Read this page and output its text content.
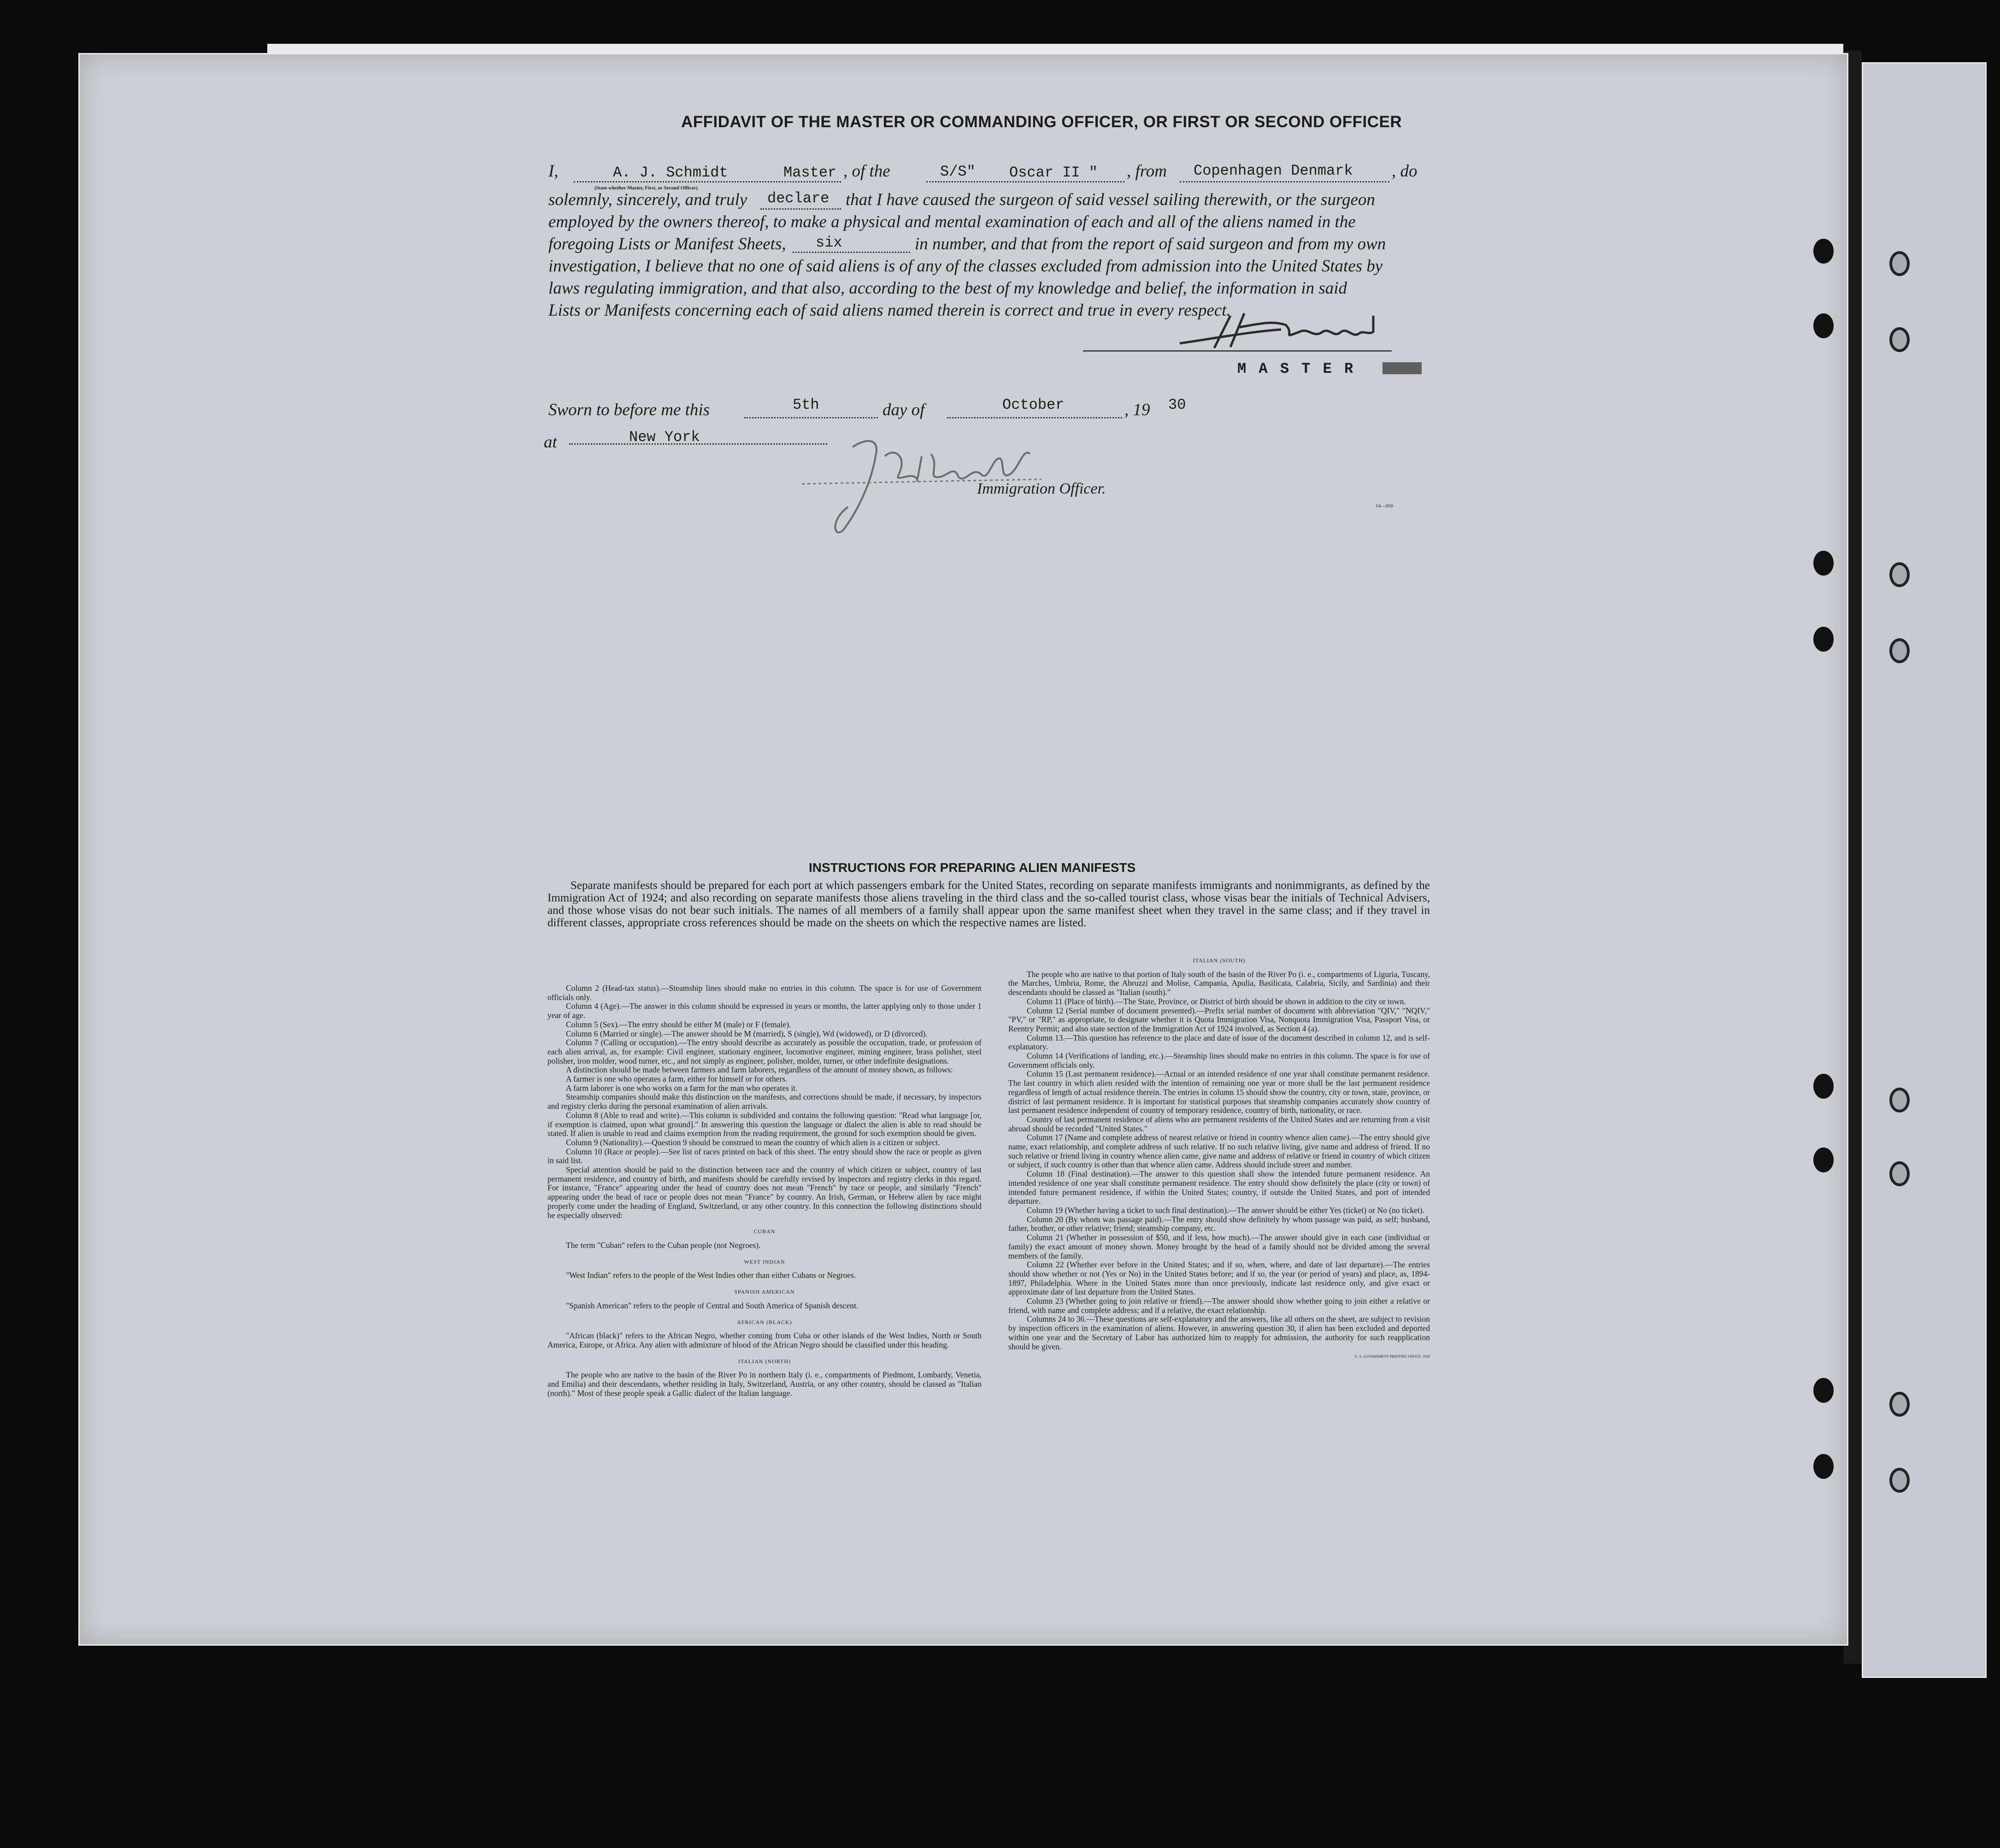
AFFIDAVIT OF THE MASTER OR COMMANDING OFFICER, OR FIRST OR SECOND OFFICER
I,	A. J. Schmidt	Master
(State whether Master, First, or Second Officer)
, of the	S/S" Oscar II " , from Copenhagen Denmark , do
solemnly, sincerely, and truly declare that I have caused the surgeon of said vessel sailing therewith, or the surgeon
employed by the owners thereof, to make a physical and mental examination of each and all of the aliens named in the
foregoing Lists or Manifest Sheets, six	in number, and that from the report of said surgeon and from my own
investigation, I believe that no one of said aliens is of any of the classes excluded from admission into the United States by
laws regulating immigration, and that also, according to the best of my knowledge and belief, the information in said
Lists or Manifests concerning each of said aliens named therein is correct and true in every respect.
M A S T E R
Sworn to before me this	5th	day of	October	, 19 30
at	New York
Immigration Officer.
14—650
INSTRUCTIONS FOR PREPARING ALIEN MANIFESTS
Separate manifests should be prepared for each port at which passengers embark for the United States, recording on separate manifests immigrants and nonimmigrants, as defined by the Immigration Act of 1924; and also recording on separate manifests those aliens traveling in the third class and the so-called tourist class, whose visas bear the initials of Technical Advisers, and those whose visas do not bear such initials. The names of all members of a family shall appear upon the same manifest sheet when they travel in the same class; and if they travel in different classes, appropriate cross references should be made on the sheets on which the respective names are listed.

Column 2 (Head-tax status).—Steamship lines should make no entries in this column. The space is for use of Government officials only.

Column 4 (Age).—The answer in this column should be expressed in years or months, the latter applying only to those under 1 year of age.

Column 5 (Sex).—The entry should be either M (male) or F (female).

Column 6 (Married or single).—The answer should be M (married), S (single), Wd (widowed), or D (divorced).

Column 7 (Calling or occupation).—The entry should describe as accurately as possible the occupation, trade, or profession of each alien arrival, as, for example: Civil engineer, stationary engineer, locomotive engineer, mining engineer, brass polisher, steel polisher, iron molder, wood turner, etc., and not simply as engineer, polisher, molder, turner, or other indefinite designations.

A distinction should be made between farmers and farm laborers, regardless of the amount of money shown, as follows:

A farmer is one who operates a farm, either for himself or for others.

A farm laborer is one who works on a farm for the man who operates it.

Steamship companies should make this distinction on the manifests, and corrections should be made, if necessary, by inspectors and registry clerks during the personal examination of alien arrivals.

Column 8 (Able to read and write).—This column is subdivided and contains the following question: "Read what language [or, if exemption is claimed, upon what ground]." In answering this question the language or dialect the alien is able to read should be stated. If alien is unable to read and claims exemption from the reading requirement, the ground for such exemption should be given.

Column 9 (Nationality).—Question 9 should be construed to mean the country of which alien is a citizen or subject.

Column 10 (Race or people).—See list of races printed on back of this sheet. The entry should show the race or people as given in said list.

Special attention should be paid to the distinction between race and the country of which citizen or subject, country of last permanent residence, and country of birth, and manifests should be carefully revised by inspectors and registry clerks in this regard. For instance, "France" appearing under the head of country does not mean "French" by race or people, and similarly "French" appearing under the head of race or people does not mean "France" by country. An Irish, German, or Hebrew alien by race might properly come under the heading of England, Switzerland, or any other country. In this connection the following distinctions should be especially observed:

CUBAN

The term "Cuban" refers to the Cuban people (not Negroes).

WEST INDIAN

"West Indian" refers to the people of the West Indies other than either Cubans or Negroes.

SPANISH AMERICAN

"Spanish American" refers to the people of Central and South America of Spanish descent.

AFRICAN (BLACK)

"African (black)" refers to the African Negro, whether coming from Cuba or other islands of the West Indies, North or South America, Europe, or Africa. Any alien with admixture of blood of the African Negro should be classified under this heading.

ITALIAN (NORTH)

The people who are native to the basin of the River Po in northern Italy (i. e., compartments of Piedmont, Lombardy, Venetia, and Emilia) and their descendants, whether residing in Italy, Switzerland, Austria, or any other country, should be classed as "Italian (north)." Most of these people speak a Gallic dialect of the Italian language.

ITALIAN (SOUTH)

The people who are native to that portion of Italy south of the basin of the River Po (i. e., compartments of Liguria, Tuscany, the Marches, Umbria, Rome, the Abruzzi and Molise, Campania, Apulia, Basilicata, Calabria, Sicily, and Sardinia) and their descendants should be classed as "Italian (south)."

Column 11 (Place of birth).—The State, Province, or District of birth should be shown in addition to the city or town.

Column 12 (Serial number of document presented).—Prefix serial number of document with abbreviation "QIV," "NQIV," "PV," or "RP," as appropriate, to designate whether it is Quota Immigration Visa, Nonquota Immigration Visa, Passport Visa, or Reentry Permit; and also state section of the Immigration Act of 1924 involved, as Section 4 (a).

Column 13.—This question has reference to the place and date of issue of the document described in column 12, and is self-explanatory.

Column 14 (Verifications of landing, etc.).—Steamship lines should make no entries in this column. The space is for use of Government officials only.

Column 15 (Last permanent residence).—Actual or an intended residence of one year shall constitute permanent residence. The last country in which alien resided with the intention of remaining one year or more shall be the last permanent residence regardless of length of actual residence therein. The entries in column 15 should show the country, city or town, state, province, or district of last permanent residence. It is important for statistical purposes that steamship companies accurately show country of last permanent residence independent of country of temporary residence, country of birth, nationality, or race.

Country of last permanent residence of aliens who are permanent residents of the United States and are returning from a visit abroad should be recorded "United States."

Column 17 (Name and complete address of nearest relative or friend in country whence alien came).—The entry should give name, exact relationship, and complete address of such relative. If no such relative living, give name and address of friend. If no such relative or friend living in country whence alien came, give name and address of relative or friend in country of which citizen or subject, if such country is other than that whence alien came. Address should include street and number.

Column 18 (Final destination).—The answer to this question shall show the intended future permanent residence. An intended residence of one year shall constitute permanent residence. The entry should show definitely the place (city or town) of intended future permanent residence, if within the United States; country, if outside the United States, and port of intended departure.

Column 19 (Whether having a ticket to such final destination).—The answer should be either Yes (ticket) or No (no ticket).

Column 20 (By whom was passage paid).—The entry should show definitely by whom passage was paid, as self; husband, father, brother, or other relative; friend; steamship company, etc.

Column 21 (Whether in possession of $50, and if less, how much).—The answer should give in each case (individual or family) the exact amount of money shown. Money brought by the head of a family should not be divided among the several members of the family.

Column 22 (Whether ever before in the United States; and if so, when, where, and date of last departure).—The entries should show whether or not (Yes or No) in the United States before; and if so, the year (or period of years) and place, as, 1894-1897, Philadelphia. Where in the United States more than once previously, indicate last residence only, and give exact or approximate date of last departure from the United States.

Column 23 (Whether going to join relative or friend).—The answer should show whether going to join either a relative or friend, with name and complete address; and if a relative, the exact relationship.

Columns 24 to 36.—These questions are self-explanatory and the answers, like all others on the sheet, are subject to revision by inspection officers in the examination of aliens. However, in answering question 30, if alien has been excluded and deported within one year and the Secretary of Labor has authorized him to reapply for admission, the authority for such reapplication should be given.

U. S. GOVERNMENT PRINTING OFFICE: 1929
